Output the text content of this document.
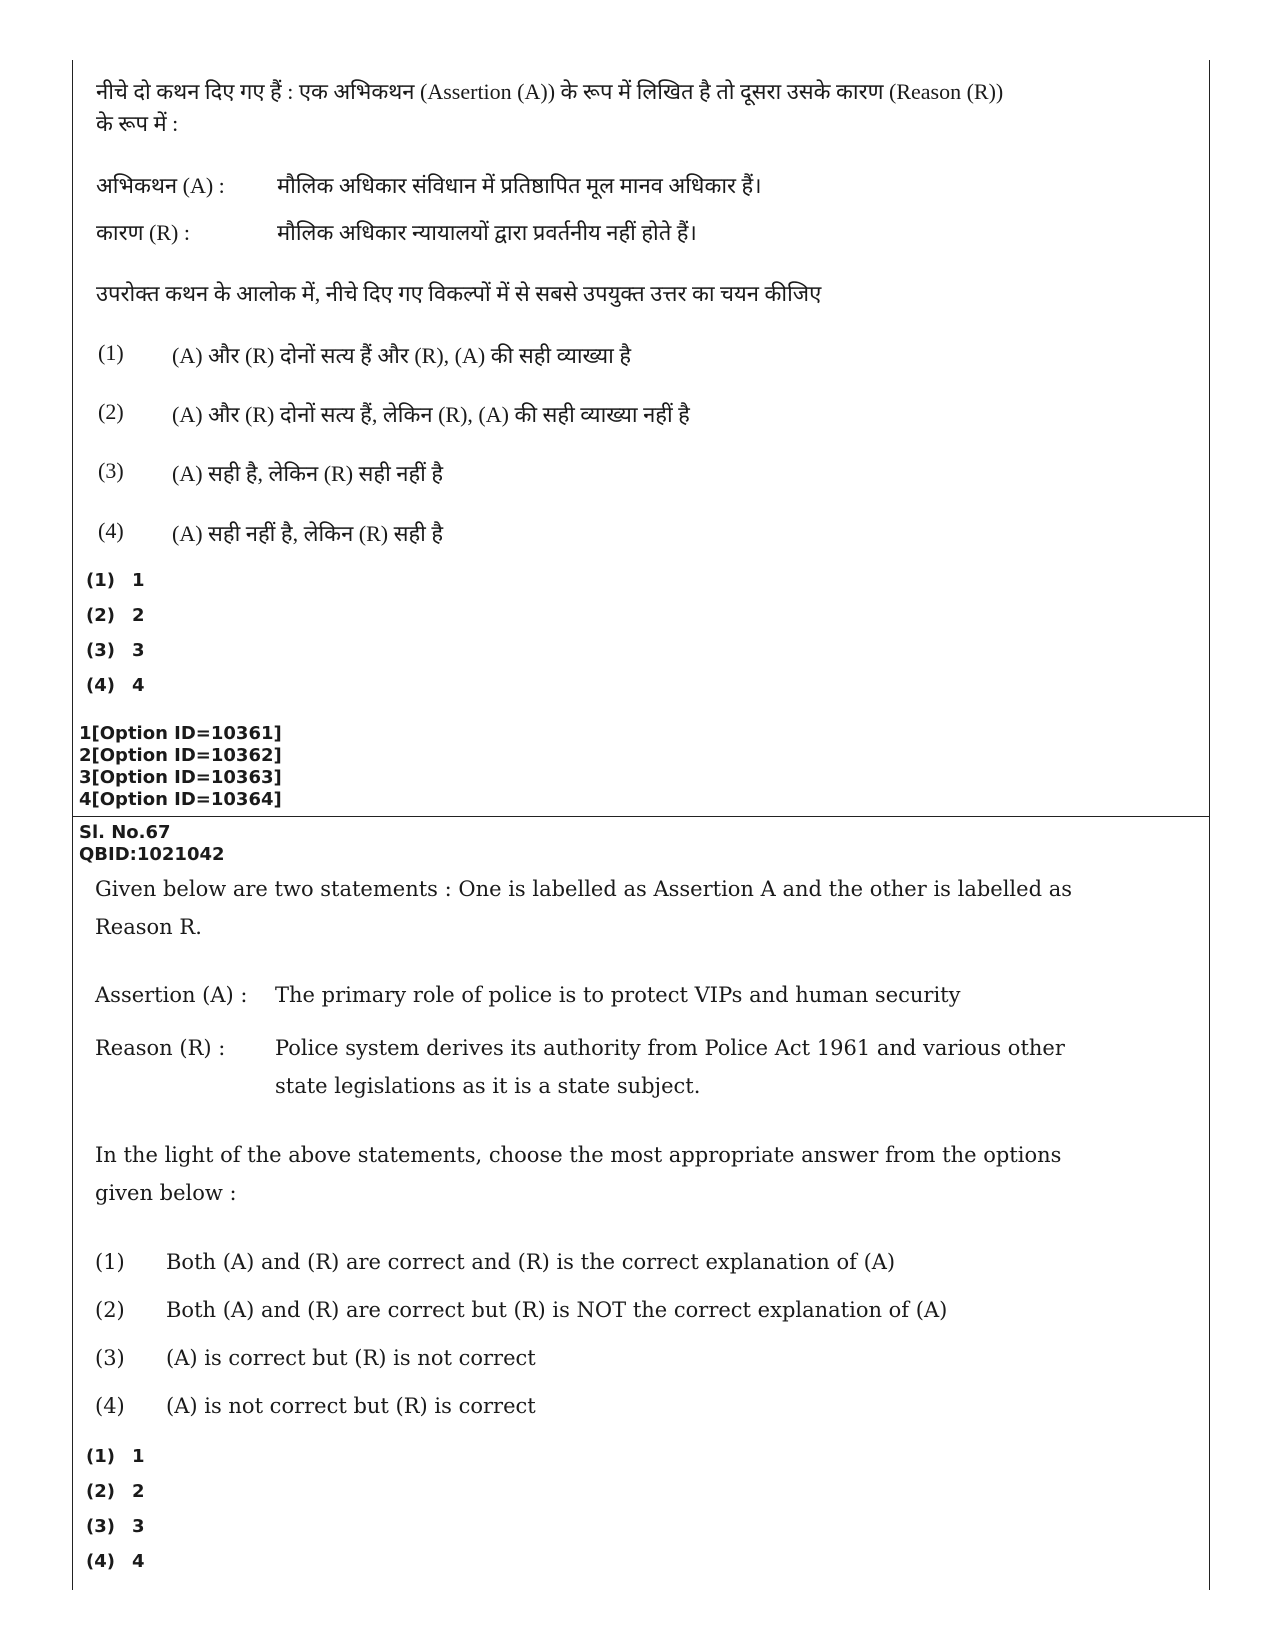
नीचे दो कथन दिए गए हैं : एक अभिकथन (Assertion (A)) के रूप में लिखित है तो दूसरा उसके कारण (Reason (R))
के रूप में :
अभिकथन (A) : मौलिक अधिकार संविधान में प्रतिष्ठापित मूल मानव अधिकार हैं।
कारण (R) :	मौलिक अधिकार न्यायालयों द्वारा प्रवर्तनीय नहीं होते हैं।
उपरोक्त कथन के आलोक में, नीचे दिए गए विकल्पों में से सबसे उपयुक्त उत्तर का चयन कीजिए
(1) (A) और (R) दोनों सत्य हैं और (R), (A) की सही व्याख्या है
(2) (A) और (R) दोनों सत्य हैं, लेकिन (R), (A) की सही व्याख्या नहीं है
(3) (A) सही है, लेकिन (R) सही नहीं है
(4) (A) सही नहीं है, लेकिन (R) सही है
(1) 1
(2) 2
(3) 3
(4) 4
1[Option ID=10361]
2[Option ID=10362]
3[Option ID=10363]
4[Option ID=10364]
Sl. No.67
QBID:1021042
Given below are two statements : One is labelled as Assertion A and the other is labelled as
Reason R.
Assertion (A) : The primary role of police is to protect VIPs and human security
Reason (R) : Police system derives its authority from Police Act 1961 and various other
state legislations as it is a state subject.
In the light of the above statements, choose the most appropriate answer from the options
given below :
(1) Both (A) and (R) are correct and (R) is the correct explanation of (A)
(2) Both (A) and (R) are correct but (R) is NOT the correct explanation of (A)
(3) (A) is correct but (R) is not correct
(4) (A) is not correct but (R) is correct
(1) 1
(2) 2
(3) 3
(4) 4
